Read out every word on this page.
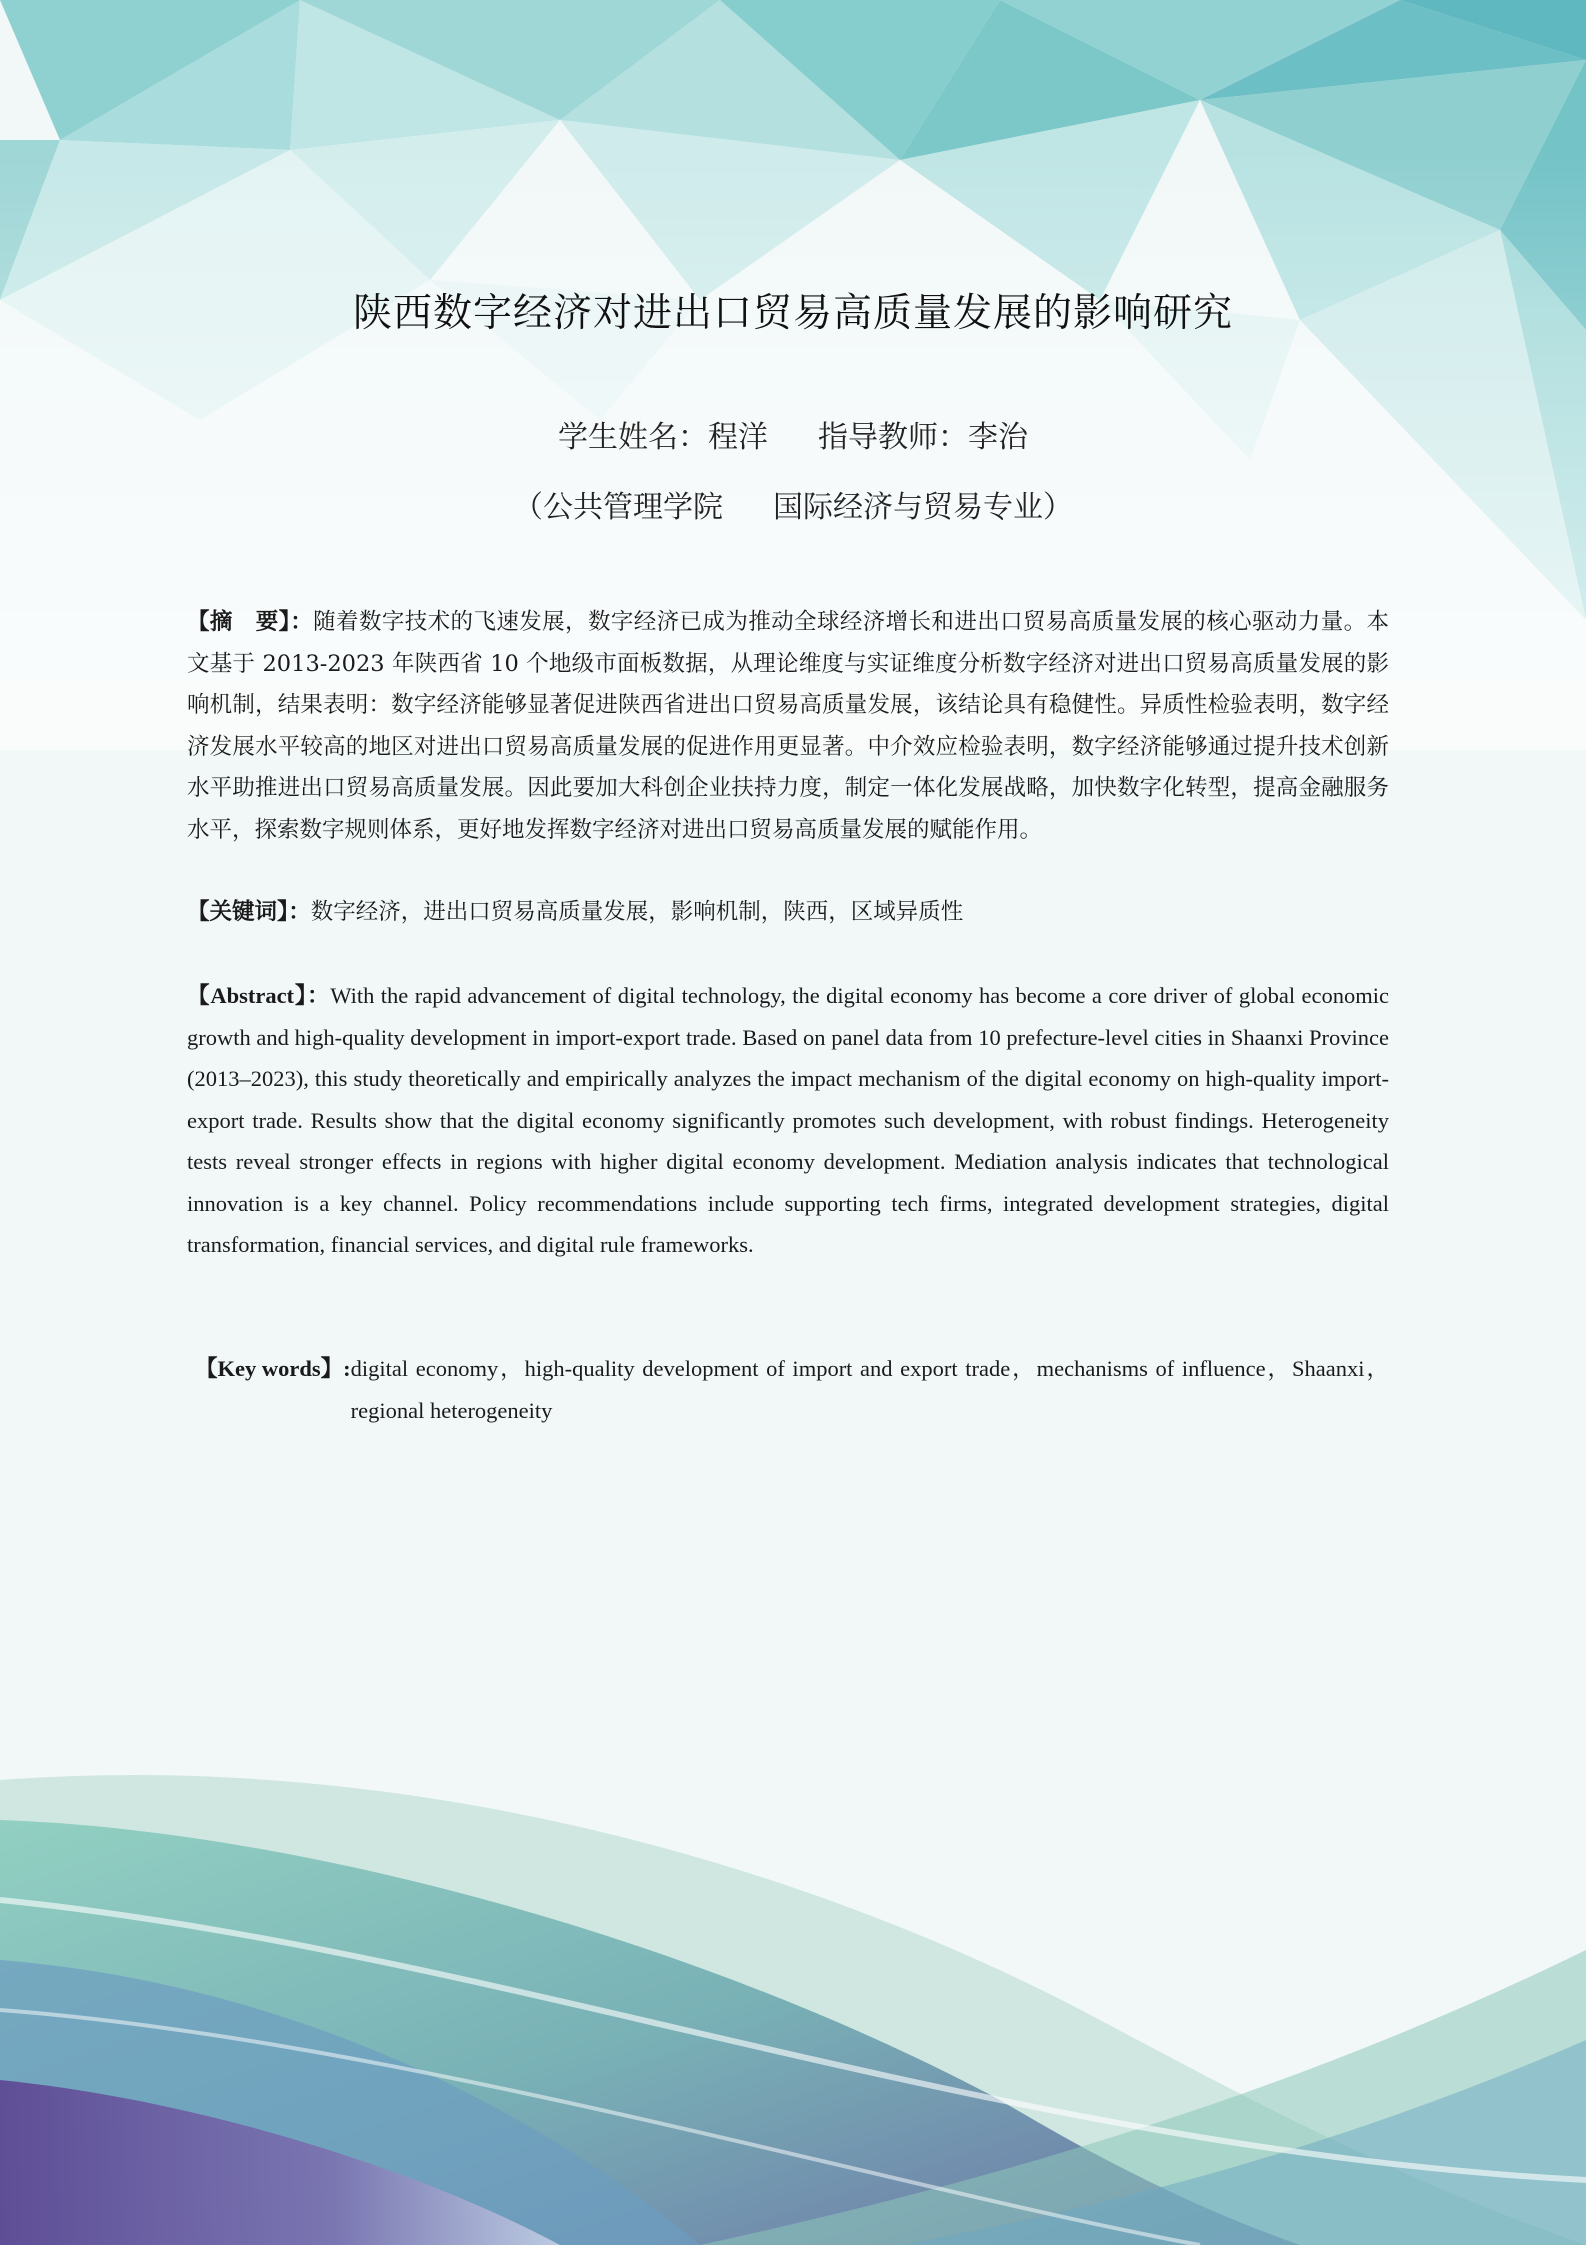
陕西数字经济对进出口贸易高质量发展的影响研究
学生姓名：程洋 指导教师：李治
（公共管理学院 国际经济与贸易专业）
【摘　要】：随着数字技术的飞速发展，数字经济已成为推动全球经济增长和进出口贸易高质量发展的核心驱动力量。本文基于 2013-2023 年陕西省 10 个地级市面板数据，从理论维度与实证维度分析数字经济对进出口贸易高质量发展的影响机制，结果表明：数字经济能够显著促进陕西省进出口贸易高质量发展，该结论具有稳健性。异质性检验表明，数字经济发展水平较高的地区对进出口贸易高质量发展的促进作用更显著。中介效应检验表明，数字经济能够通过提升技术创新水平助推进出口贸易高质量发展。因此要加大科创企业扶持力度，制定一体化发展战略，加快数字化转型，提高金融服务水平，探索数字规则体系，更好地发挥数字经济对进出口贸易高质量发展的赋能作用。
【关键词】：数字经济，进出口贸易高质量发展，影响机制，陕西，区域异质性
【Abstract】：With the rapid advancement of digital technology, the digital economy has become a core driver of global economic growth and high-quality development in import-export trade. Based on panel data from 10 prefecture-level cities in Shaanxi Province (2013–2023), this study theoretically and empirically analyzes the impact mechanism of the digital economy on high-quality import-export trade. Results show that the digital economy significantly promotes such development, with robust findings. Heterogeneity tests reveal stronger effects in regions with higher digital economy development. Mediation analysis indicates that technological innovation is a key channel. Policy recommendations include supporting tech firms, integrated development strategies, digital transformation, financial services, and digital rule frameworks.
【Key words】: digital economy，high-quality development of import and export trade，mechanisms of influence，Shaanxi，regional heterogeneity
